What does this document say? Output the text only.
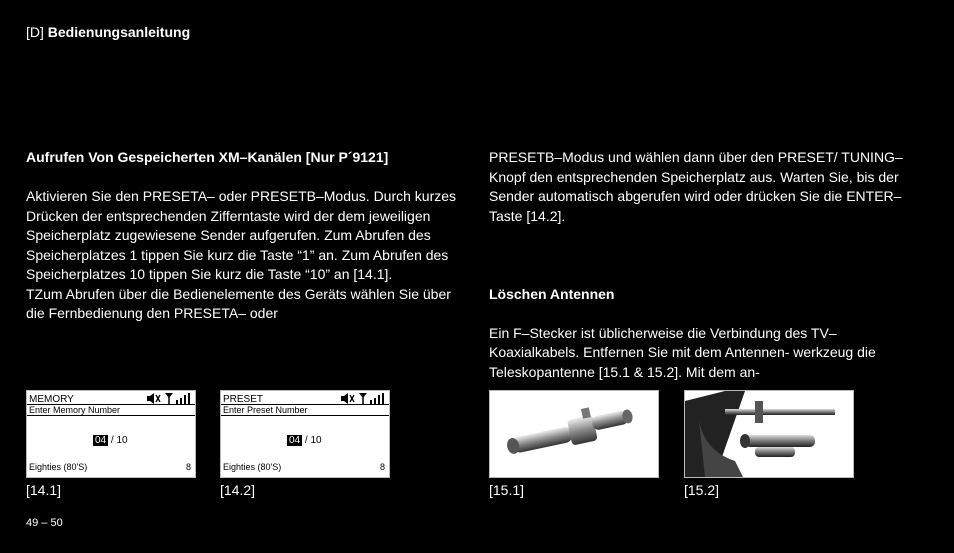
[D] Bedienungsanleitung
Aufrufen Von Gespeicherten XM–Kanälen [Nur P´9121]

Aktivieren Sie den PRESETA– oder PRESETB–Modus. Durch kurzes Drücken der entsprechenden Zifferntaste wird der dem jeweiligen Speicherplatz zugewiesene Sender aufgerufen. Zum Abrufen des Speicherplatzes 1 tippen Sie kurz die Taste “1” an. Zum Abrufen des Speicherplatzes 10 tippen Sie kurz die Taste “10” an [14.1].

TZum Abrufen über die Bedienelemente des Geräts wählen Sie über die Fernbedienung den PRESETA– oder

PRESETB–Modus und wählen dann über den PRESET/ TUNING–Knopf den entsprechenden Speicherplatz aus. Warten Sie, bis der Sender automatisch abgerufen wird oder drücken Sie die ENTER–Taste [14.2].

Löschen Antennen

Ein F–Stecker ist üblicherweise die Verbindung des TV–Koaxialkabels. Entfernen Sie mit dem Antennen- werkzeug die Teleskopantenne [15.1 & 15.2]. Mit dem an-

MEMORY
Enter Memory Number
04 / 10
Eighties (80'S)	8
PRESET
Enter Preset Number
04 / 10
Eighties (80'S)	8
[14.1]	[14.2]	[15.1]	[15.2]
49 – 50
